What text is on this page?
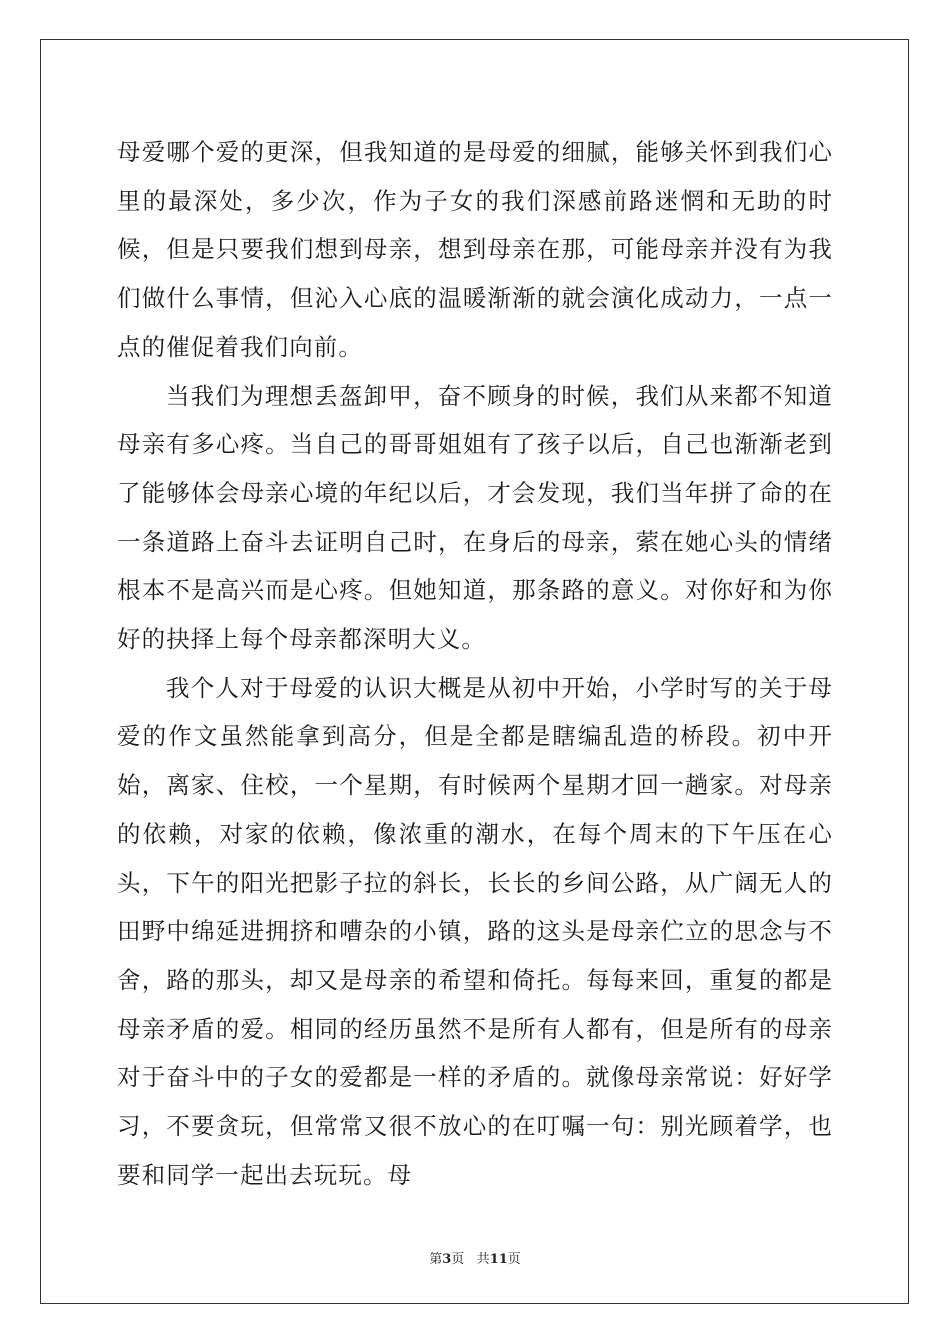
母爱哪个爱的更深，但我知道的是母爱的细腻，能够关怀到我们心里的最深处，多少次，作为子女的我们深感前路迷惘和无助的时候，但是只要我们想到母亲，想到母亲在那，可能母亲并没有为我们做什么事情，但沁入心底的温暖渐渐的就会演化成动力，一点一点的催促着我们向前。

当我们为理想丢盔卸甲，奋不顾身的时候，我们从来都不知道母亲有多心疼。当自己的哥哥姐姐有了孩子以后，自己也渐渐老到了能够体会母亲心境的年纪以后，才会发现，我们当年拼了命的在一条道路上奋斗去证明自己时，在身后的母亲，萦在她心头的情绪根本不是高兴而是心疼。但她知道，那条路的意义。对你好和为你好的抉择上每个母亲都深明大义。

我个人对于母爱的认识大概是从初中开始，小学时写的关于母爱的作文虽然能拿到高分，但是全都是瞎编乱造的桥段。初中开始，离家、住校，一个星期，有时候两个星期才回一趟家。对母亲的依赖，对家的依赖，像浓重的潮水，在每个周末的下午压在心头，下午的阳光把影子拉的斜长，长长的乡间公路，从广阔无人的田野中绵延进拥挤和嘈杂的小镇，路的这头是母亲伫立的思念与不舍，路的那头，却又是母亲的希望和倚托。每每来回，重复的都是母亲矛盾的爱。相同的经历虽然不是所有人都有，但是所有的母亲对于奋斗中的子女的爱都是一样的矛盾的。就像母亲常说：好好学习，不要贪玩，但常常又很不放心的在叮嘱一句：别光顾着学，也要和同学一起出去玩玩。母

第3页 共11页
